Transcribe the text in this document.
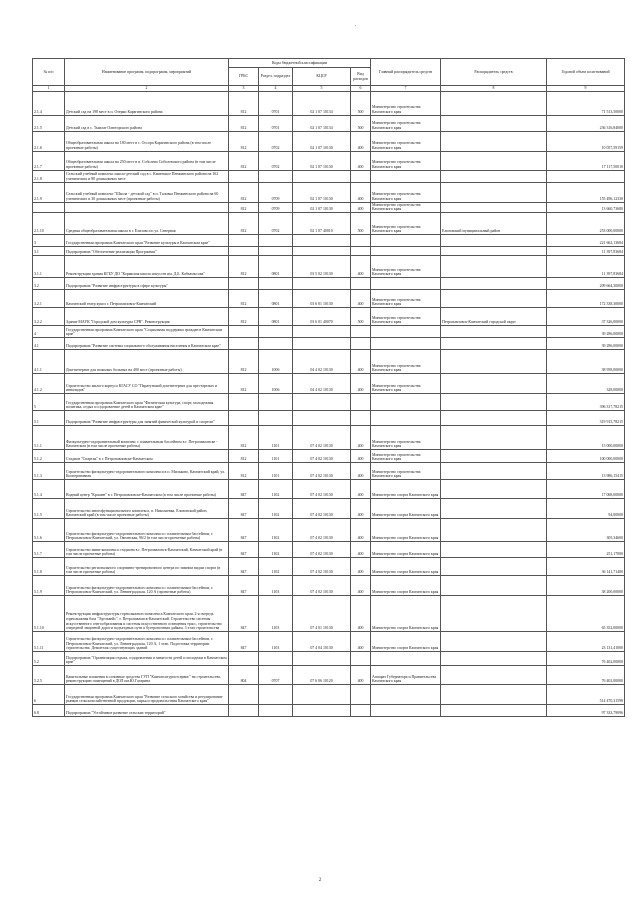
.
№ п/п	Наименование программ, подпрограмм, мероприятий	Коды бюджетной классификации				Главный распорядитель средств	Распорядитель средств	Годовой объем ассигнований
		ГРБС	Раздел, подраздел	КЦСР	Вид расходов			
1	2	3	4	5	6	7	8	9
2.1.4	Детский сад на 198 мест в п. Озерки Карагинского района	812	0701	02 1 07 10134	500	Министерство строительства Камчатского края		71 513,50000
2.1.5	Детский сад в с. Тымлат Олюторского района	812	0701	02 1 07 10134	500	Министерство строительства Камчатского края		236 316,84000
2.1.6	Общеобразовательная школа на 180 мест в с. Оссора Карагинского района (в том числе проектные работы)	812	0702	02 1 07 10130	400	Министерство строительства Камчатского края		10 057,59159
2.1.7	Общеобразовательная школа на 250 мест в п. Соболево Соболевского района (в том числе проектные работы)	812	0702	02 1 07 10130	400	Министерство строительства Камчатского края		17 117,50010
2.1.8	Сельский учебный комплекс школа-детский сад в с. Каменское Пенжинского района на 162 ученических и 80 дошкольных мест							
2.1.9	Сельский учебный комплекс "Школа - детский сад" в п. Таловка Пенжинского района на 60 ученических и 30 дошкольных мест (проектные работы)	812	0709	02 1 07 10130	400	Министерство строительства Камчатского края		155 496,12330
		812	0709	02 1 07 10130	400	Министерство строительства Камчатского края		13 660,73680
2.1.10	Средняя общеобразовательная школа в г. Елизово по ул. Северная	812	0702	02 1 07 40010	500	Министерство строительства Камчатского края	Елизовский муниципальный район	253 000,00000
3	Государственная программа Камчатского края "Развитие культуры в Камчатском крае"							221 662,13684
3.1	Подпрограмма "Обеспечение реализации Программы"							11 397,83684
3.1.1	Реконструкция здания КГБУ ДО "Корякская школа искусств им. Д.Б. Кабъюльсова"	812	0801	03 5 02 10130	400	Министерство строительства Камчатского края		11 397,83684
3.2	Подпрограмма "Развитие инфраструктуры в сфере культуры"							209 664,30000
3.2.1	Камчатский театр кукол г. Петропавловск-Камчатский	812	0801	03 6 01 10130	400	Министерство строительства Камчатского края		172 338,30000
3.2.2	Здание МАУК "Городской дом культуры СРВ". Реконструкция	812	0801	03 6 01 40070	500	Министерство строительства Камчатского края	Петропавловск-Камчатский городской округ	37 326,00000
4	Государственная программа Камчатского края "Социальная поддержка граждан в Камчатском крае"							39 286,00000
4.1	Подпрограмма "Развитие системы социального обслуживания населения в Камчатском крае"							39 286,00000
4.1.1	Дом-интернат для пожилых больных на 400 мест (проектные работы)	812	1006	04 4 02 10130	400	Министерство строительства Камчатского края		38 958,00000
4.1.2	Строительство жилого корпуса КГАСУ СО "Паратунский дом-интернат для престарелых и инвалидов"	812	1006	04 4 02 10130	400	Министерство строительства Камчатского края		328,00000
5	Государственная программа Камчатского края "Физическая культура, спорт, молодежная политика, отдых и оздоровление детей в Камчатском крае"							396 317,78215
5.1	Подпрограмма "Развитие инфраструктуры для занятий физической культурой и спортом"							319 915,78215
5.1.1	Физкультурно-оздоровительный комплекс с плавательным бассейном в г. Петропавловске - Камчатском (в том числе проектные работы)	812	1101	07 4 02 10130	400	Министерство строительства Камчатского края		15 000,00000
5.1.2	Стадион "Спартак" в г. Петропавловске-Камчатском	812	1101	07 4 02 10130	400	Министерство строительства Камчатского края		100 000,00000
5.1.3	Строительство физкультурно-оздоровительного комплекса в п. Мильково, Камчатский край, ул. Кооперативная	812	1101	07 4 02 10130	400	Министерство строительства Камчатского края		13 986,15415
5.1.4	Водный центр "Крашен" в г. Петропавловске-Камчатском (в том числе проектные работы)	847	1102	07 4 02 10130	400	Министерство спорта Камчатского края		17 068,00000
5.1.5	Строительство многофункционального комплекса, п. Николаевка, Елизовский район, Камчатский край (в том числе проектные работы)	847	1102	07 4 02 10130	400	Министерство спорта Камчатского края		94,00000
5.1.6	Строительство физкультурно-оздоровительного комплекса с плавательным бассейном, г. Петропавловск-Камчатский, ул. Океанская, 96/2 (в том числе проектные работы)	847	1102	07 4 02 10130	400	Министерство спорта Камчатского края		305,34600
5.1.7	Строительство мини-комплекса стадиона в г. Петропавловск-Камчатский, Камчатский край (в том числе проектные работы)	847	1102	07 4 02 10130	400	Министерство спорта Камчатского края		251,17000
5.1.8	Строительство регионального спортивно-тренировочного центра по зимним видам спорта (в том числе проектные работы)	847	1102	07 4 02 10130	400	Министерство спорта Камчатского края		36 141,71400
5.1.9	Строительство физкультурно-оздоровительного комплекса с плавательным бассейном, г. Петропавловск-Камчатский, ул. Ленинградская, 120 А (проектные работы)	847	1103	07 4 02 10130	400	Министерство спорта Камчатского края		38 200,00000
5.1.10	Реконструкция инфраструктуры горнолыжного комплекса Камчатского края. 2-я очередь горнолыжная база "Эдельвейс", г. Петропавловск-Камчатский. Строительство системы искусственного снегообразования и системы искусственного освещения трасс, строительство очередной защитной дороги подъездных пути к бугеровочным дайкам. 3 этап строительства	847	1103	07 4 01 10130	400	Министерство спорта Камчатского края		65 352,00000
5.1.11	Строительство физкультурно-оздоровительного комплекса с плавательным бассейном, г. Петропавловск-Камчатский, ул. Ленинградская, 120 А, 1 этап. Подготовка территории строительства. Демонтаж существующих зданий	847	1103	07 4 04 10130	400	Министерство спорта Камчатского края		23 131,41000
5.2	Подпрограмма "Организация отдыха, оздоровления и занятости детей и молодежи в Камчатском крае"							76 402,00000
5.2.5	Капитальные вложения в основные средства ГУП "Камчатсктуристсервис" на строительство, реконструкцию помещений в ДОЛ им.Ю.Гагарина	804	0707	07 6 06 10120	400	Аппарат Губернатора и Правительства Камчатского края		76 402,00000
6	Государственная программа Камчатского края "Развитие сельского хозяйства и регулирование рынков сельскохозяйственной продукции, сырья и продовольствия Камчатского края"							514 470,31598
6.8	Подпрограмма "Устойчивое развитие сельских территорий"							97 333,79096
2
